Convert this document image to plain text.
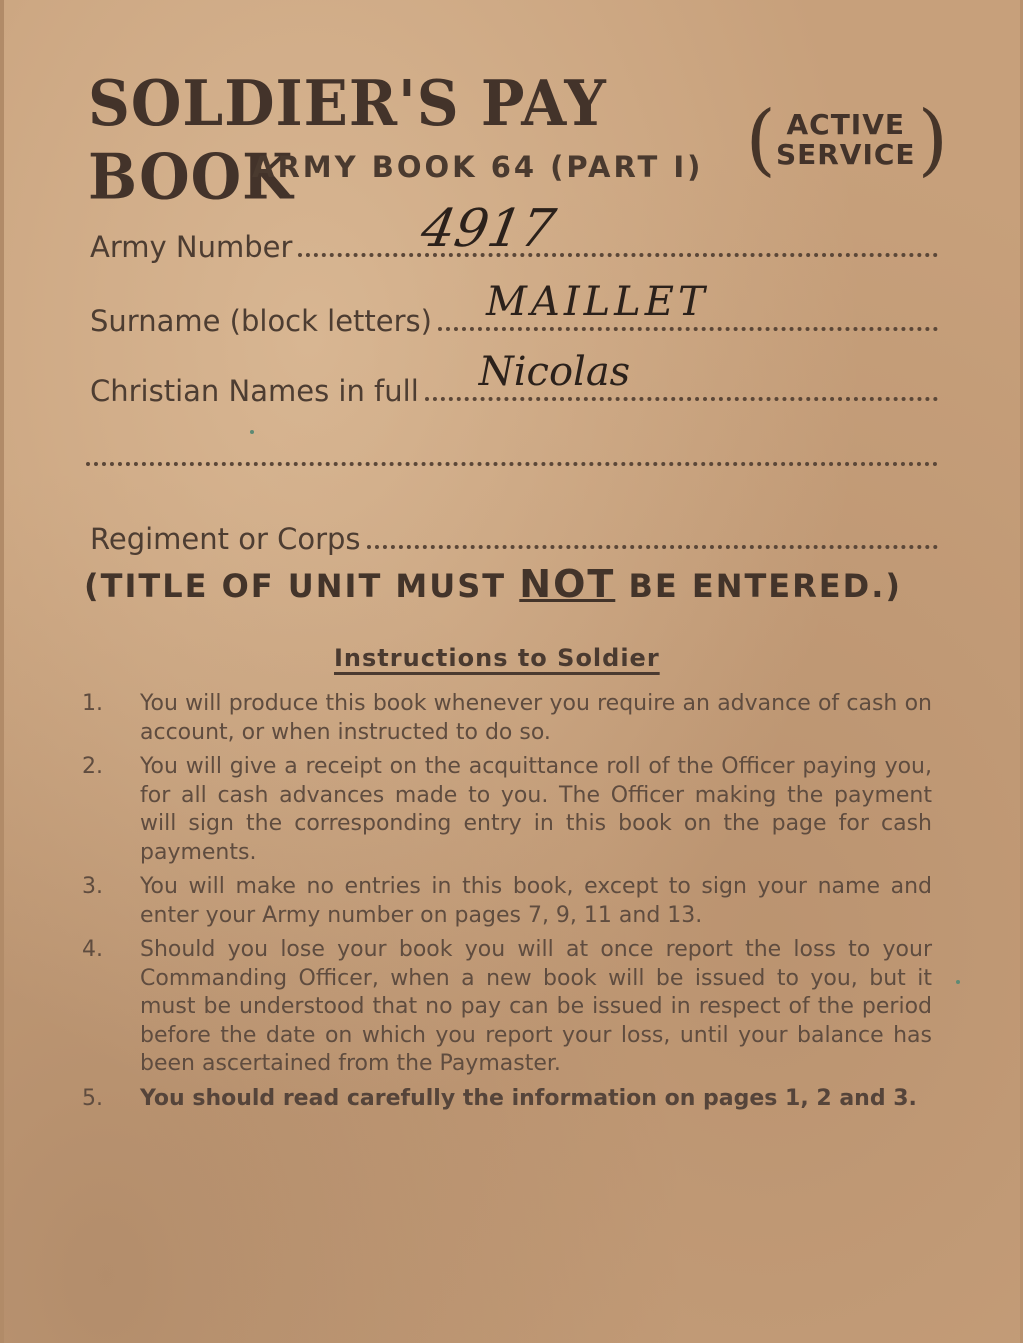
SOLDIER'S PAY BOOK	( ACTIVE
SERVICE )
ARMY BOOK 64 (PART I)
Army Number 4917
Surname (block letters) MAILLET
Christian Names in full Nicolas
Regiment or Corps
(TITLE OF UNIT MUST NOT BE ENTERED.)
Instructions to Soldier
1.	You will produce this book whenever you require an advance of cash on account, or when instructed to do so.
2.	You will give a receipt on the acquittance roll of the Officer paying you, for all cash advances made to you. The Officer making the payment will sign the corresponding entry in this book on the page for cash payments.
3.	You will make no entries in this book, except to sign your name and enter your Army number on pages 7, 9, 11 and 13.
4.	Should you lose your book you will at once report the loss to your Commanding Officer, when a new book will be issued to you, but it must be understood that no pay can be issued in respect of the period before the date on which you report your loss, until your balance has been ascertained from the Paymaster.
5.	You should read carefully the information on pages 1, 2 and 3.
